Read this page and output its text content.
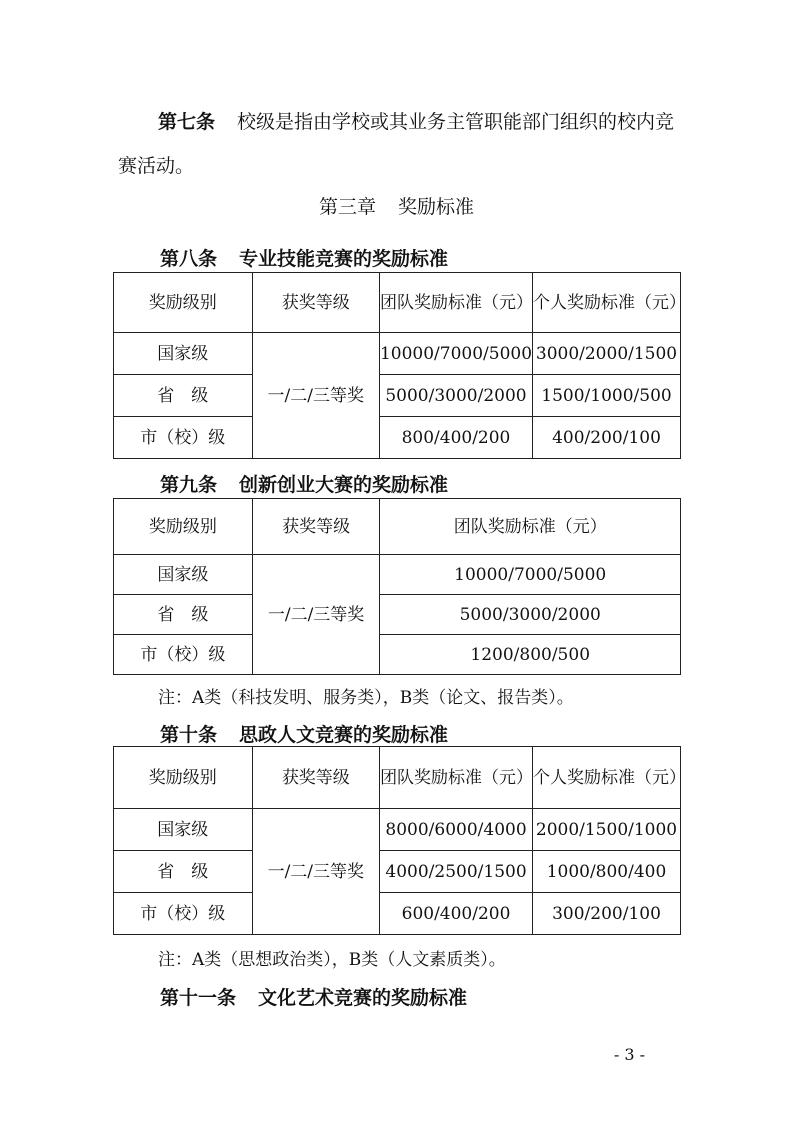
第七条 校级是指由学校或其业务主管职能部门组织的校内竞赛活动。
第三章 奖励标准
第八条 专业技能竞赛的奖励标准
奖励级别	获奖等级	团队奖励标准（元）	个人奖励标准（元）
国家级	一/二/三等奖	10000/7000/5000	3000/2000/1500
省　级		5000/3000/2000	1500/1000/500
市（校）级		800/400/200	400/200/100
第九条 创新创业大赛的奖励标准
奖励级别	获奖等级	团队奖励标准（元）
国家级	一/二/三等奖	10000/7000/5000
省　级		5000/3000/2000
市（校）级		1200/800/500
注：A类（科技发明、服务类），B类（论文、报告类）。
第十条 思政人文竞赛的奖励标准
奖励级别	获奖等级	团队奖励标准（元）	个人奖励标准（元）
国家级	一/二/三等奖	8000/6000/4000	2000/1500/1000
省　级		4000/2500/1500	1000/800/400
市（校）级		600/400/200	300/200/100
注：A类（思想政治类），B类（人文素质类）。
第十一条 文化艺术竞赛的奖励标准
- 3 -
